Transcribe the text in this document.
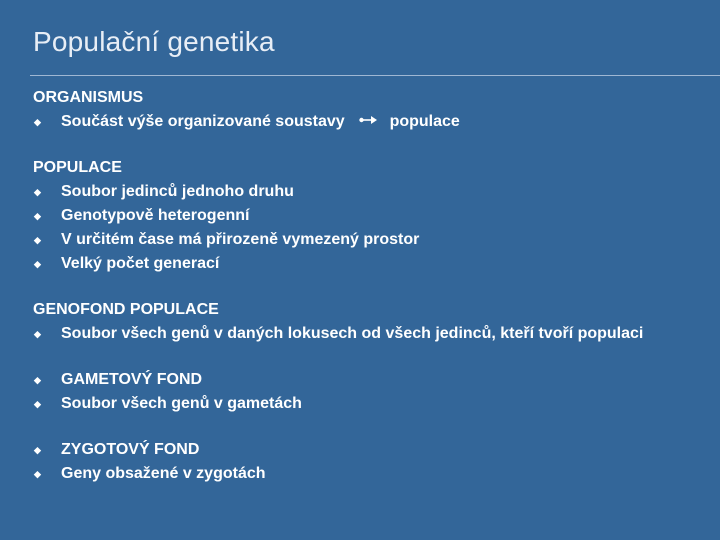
Populační genetika

ORGANISMUS

◆ Součást výše organizované soustavy	populace

POPULACE

◆ Soubor jedinců jednoho druhu

◆ Genotypově heterogenní

◆ V určitém čase má přirozeně vymezený prostor

◆ Velký počet generací

GENOFOND POPULACE

◆ Soubor všech genů v daných lokusech od všech jedinců, kteří tvoří populaci

◆ GAMETOVÝ FOND

◆ Soubor všech genů v gametách

◆ ZYGOTOVÝ FOND

◆ Geny obsažené v zygotách
